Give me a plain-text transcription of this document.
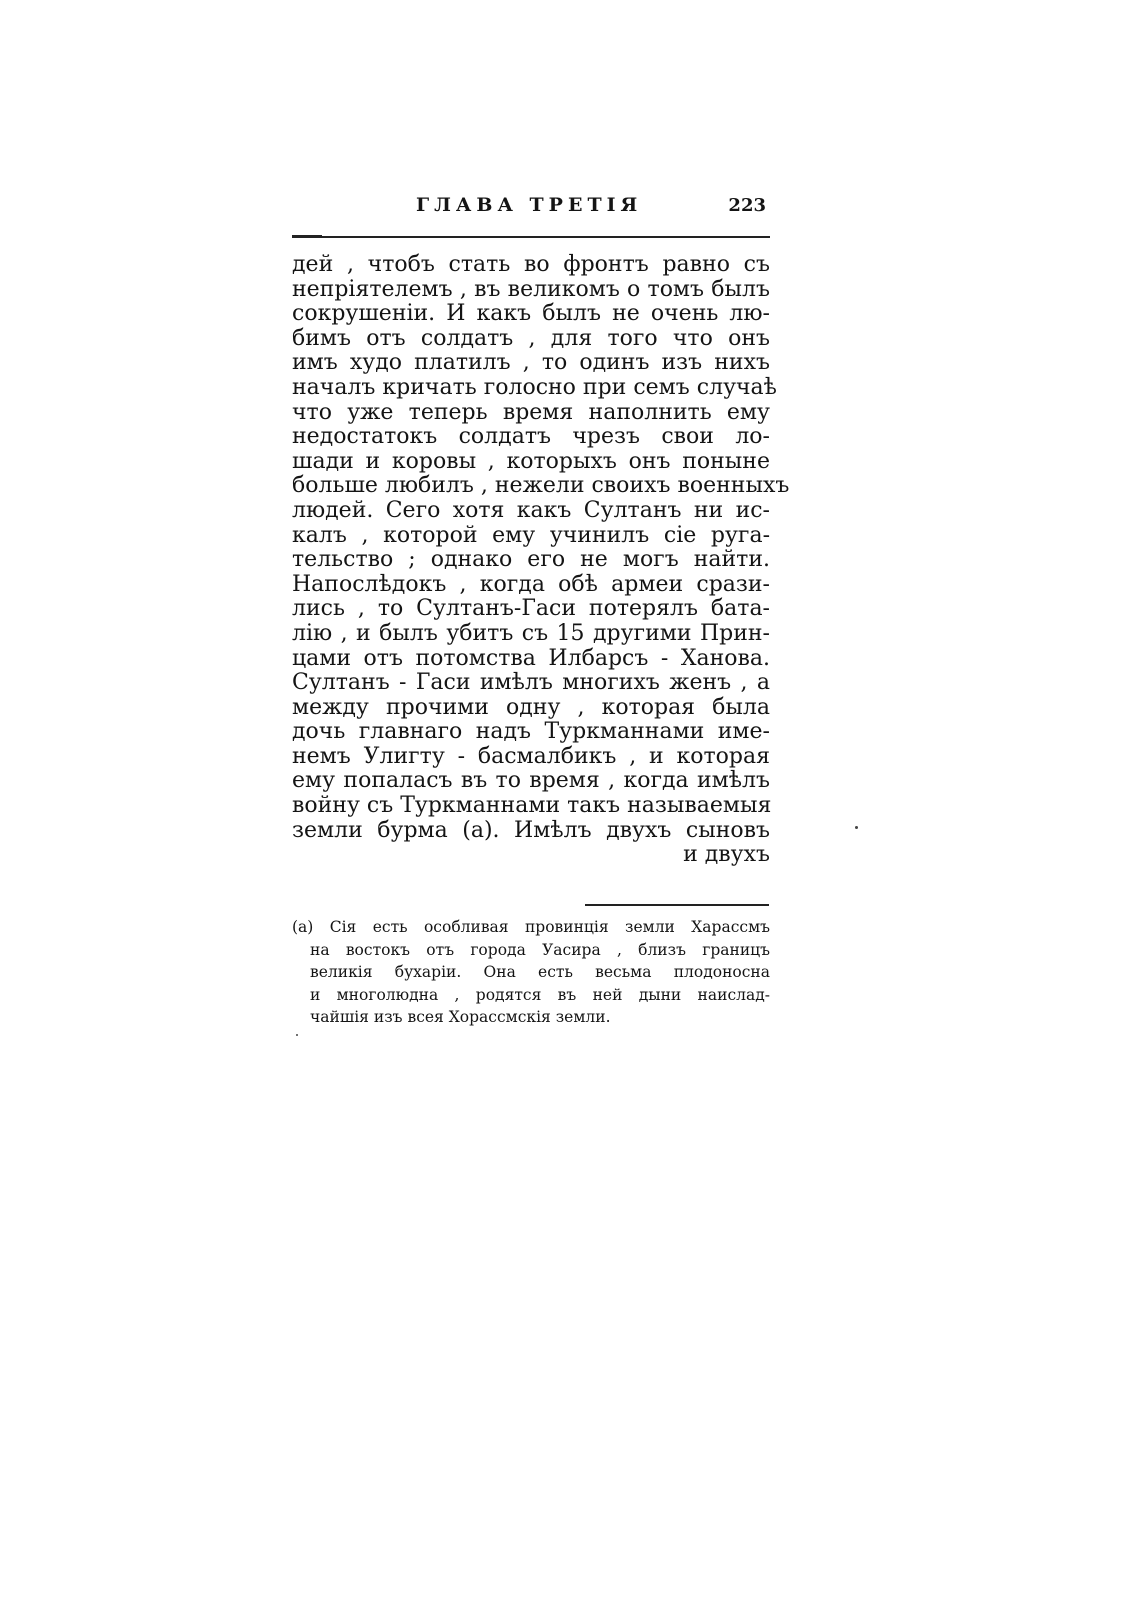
ГЛАВА ТРЕТІЯ	223
дей , чтобъ стать во фронтъ равно съ
непріятелемъ , въ великомъ о томъ былъ
сокрушеніи. И какъ былъ не очень лю-
бимъ отъ солдатъ , для того что онъ
имъ худо платилъ , то одинъ изъ нихъ
началъ кричать голосно при семъ случаѣ
что уже теперь время наполнить ему
недостатокъ солдатъ чрезъ свои ло-
шади и коровы , которыхъ онъ поныне
больше любилъ , нежели своихъ военныхъ
людей. Сего хотя какъ Султанъ ни ис-
калъ , которой ему учинилъ сіе руга-
тельство ; однако его не могъ найти.
Напослѣдокъ , когда обѣ армеи срази-
лись , то Султанъ-Гаси потерялъ бата-
лію , и былъ убитъ съ 15 другими Прин-
цами отъ потомства Илбарсъ - Ханова.
Султанъ - Гаси имѣлъ многихъ женъ , а
между прочими одну , которая была
дочь главнаго надъ Туркманнами име-
немъ Улигту - басмалбикъ , и которая
ему попаласъ въ то время , когда имѣлъ
войну съ Туркманнами такъ называемыя
земли бурма (а). Имѣлъ двухъ сыновъ
и двухъ
(а) Сія есть особливая провинція земли Харассмъ
на востокъ отъ города Уасира , близъ границъ
великія бухаріи. Она есть весьма плодоносна
и многолюдна , родятся въ ней дыни наислад-
чайшія изъ всея Хорассмскія земли.
